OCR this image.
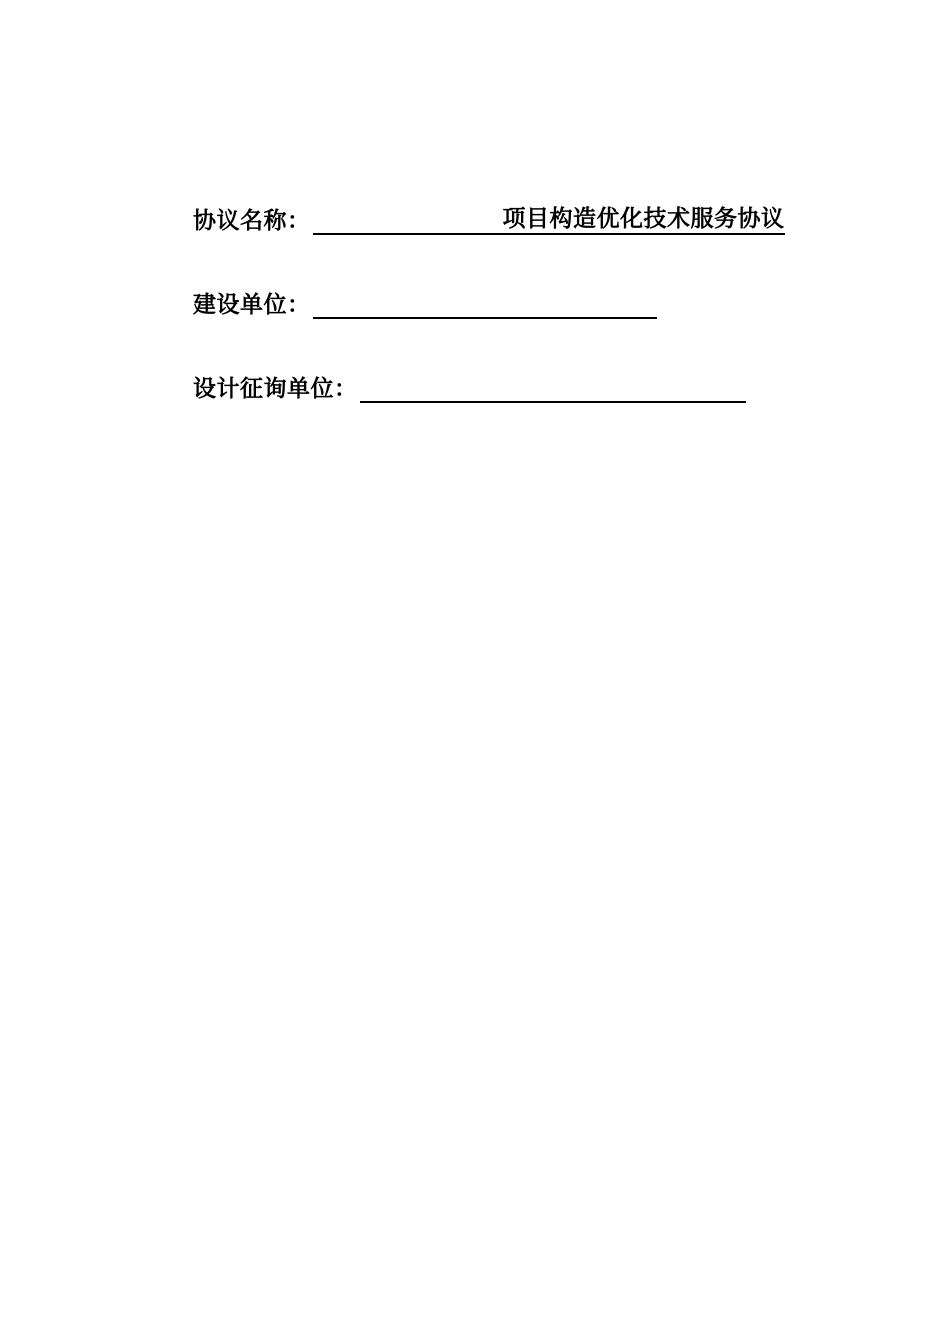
协议名称：	项目构造优化技术服务协议
建设单位：
设计征询单位：
